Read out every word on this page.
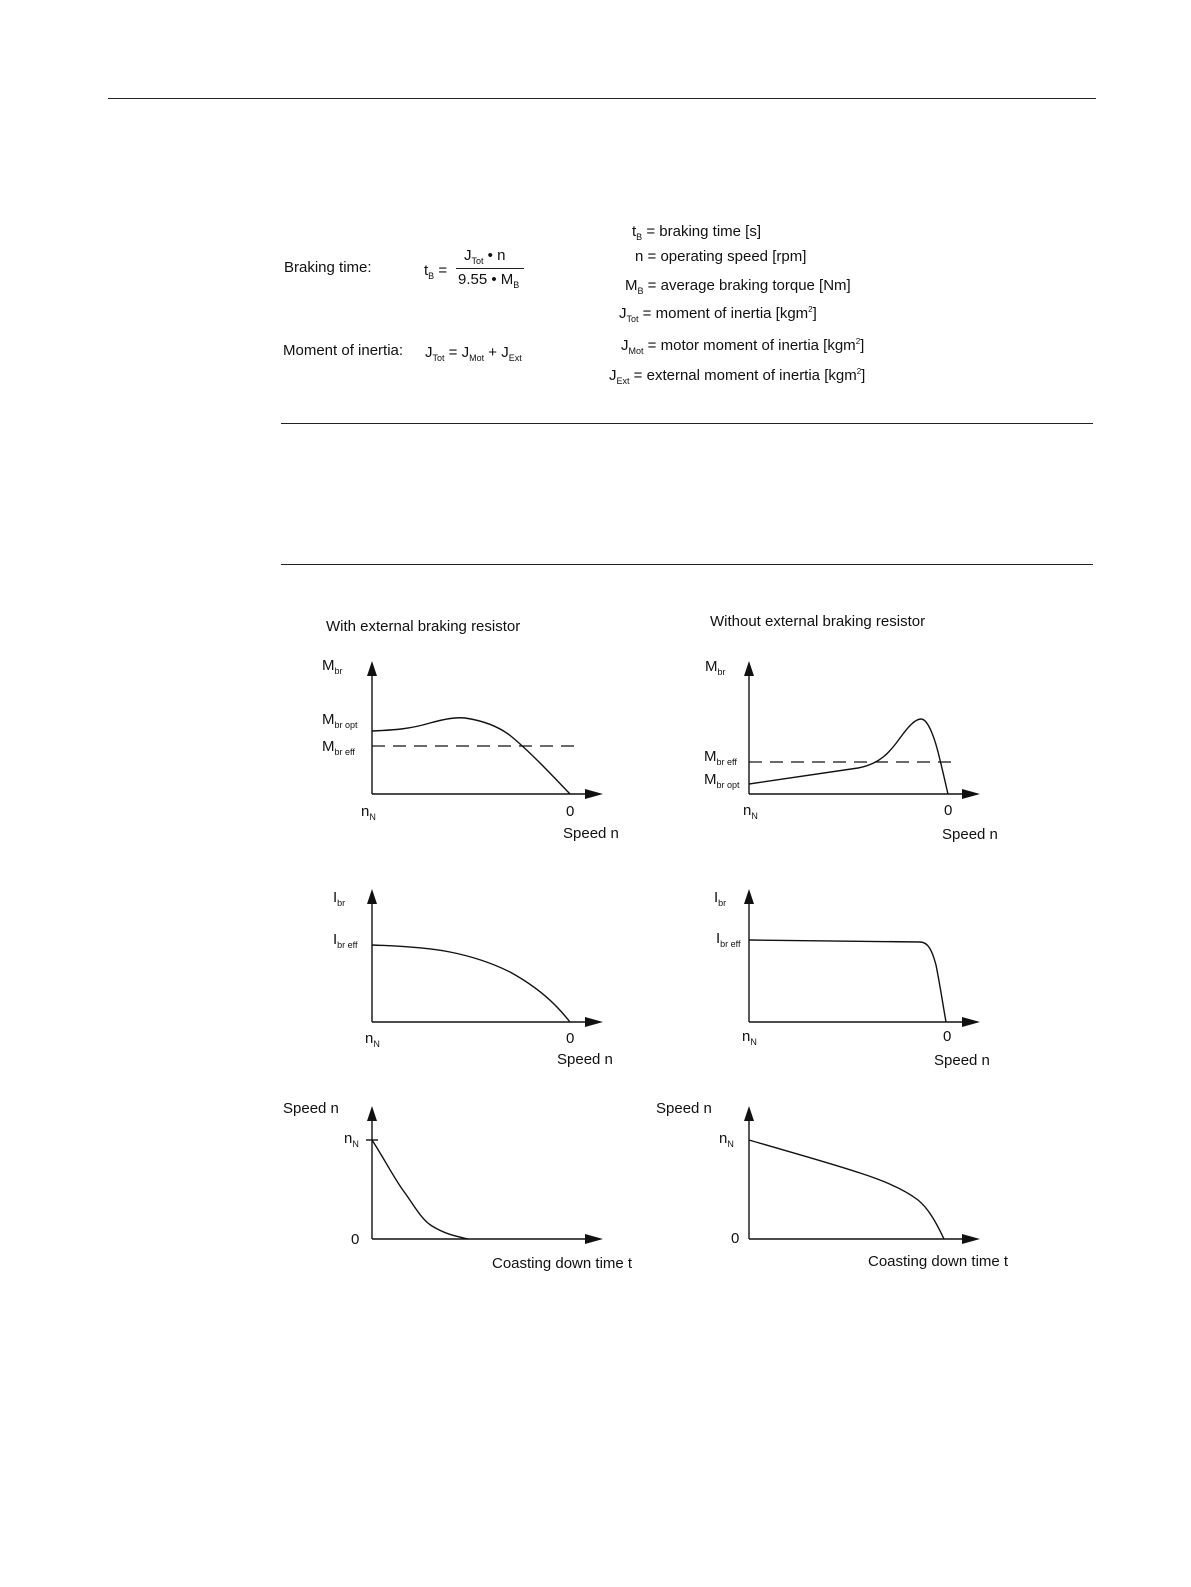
Braking time:	$t_B$ =
$J_{Tot}$ • n
9.55 • $M_B$
Moment of inertia: $J_{Tot} = J_{Mot} + J_{Ext}$
$t_B$ = braking time [s]
n = operating speed [rpm]
$M_B$ = average braking torque [Nm]
$J_{Tot}$ = moment of inertia [kgm$^2$]
$J_{Mot}$ = motor moment of inertia [kgm$^2$]
$J_{Ext}$ = external moment of inertia [kgm$^2$]
With external braking resistor	Without external braking resistor
$M_{br}$
$M_{br opt}$
$M_{br eff}$
$n_N$	0
Speed n
$M_{br}$
$M_{br eff}$
$M_{br opt}$
$n_N$	0
Speed n
$I_{br}$
$I_{br eff}$
$n_N$	0
Speed n
$I_{br}$
$I_{br eff}$
$n_N$	0
Speed n
Speed n
$n_N$
0
Coasting down time t
Speed n
$n_N$
0
Coasting down time t
